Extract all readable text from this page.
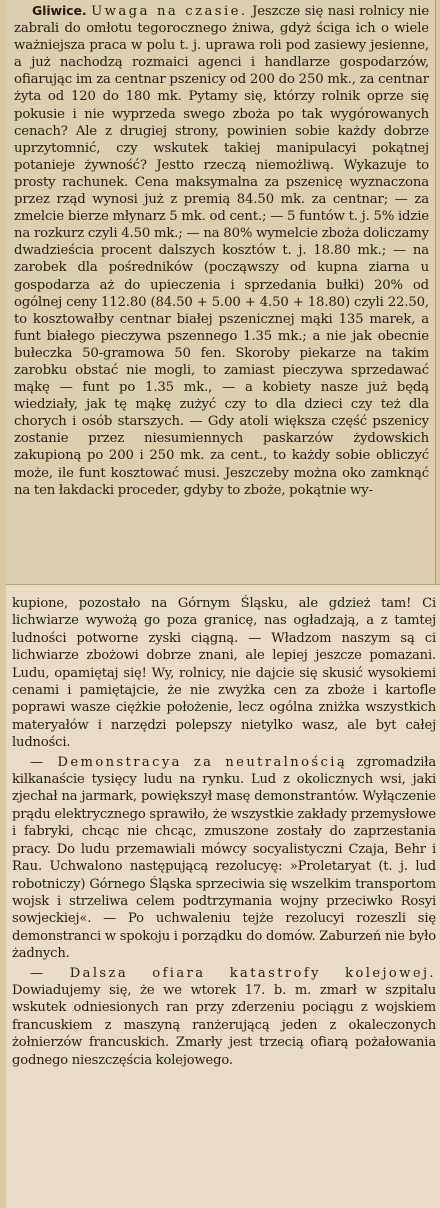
Gliwice. Uwaga na czasie. Jeszcze się nasi rolnicy nie zabrali do omłotu tegorocznego żniwa, gdyż ściga ich o wiele ważniejsza praca w polu t. j. uprawa roli pod zasiewy jesienne, a już nachodzą rozmaici agenci i handlarze gospodarzów, ofiarując im za centnar pszenicy od 200 do 250 mk., za centnar żyta od 120 do 180 mk. Pytamy się, którzy rolnik oprze się pokusie i nie wyprzeda swego zboża po tak wygórowanych cenach? Ale z drugiej strony, powinien sobie każdy dobrze uprzytomnić, czy wskutek takiej manipulacyi pokątnej potanieje żywność? Jestto rzeczą niemożliwą. Wykazuje to prosty rachunek. Cena maksymalna za pszenicę wyznaczona przez rząd wynosi już z premią 84.50 mk. za centnar; — za zmelcie bierze młynarz 5 mk. od cent.; — 5 funtów t. j. 5% idzie na rozkurz czyli 4.50 mk.; — na 80% wymelcie zboża doliczamy dwadzieścia procent dalszych kosztów t. j. 18.80 mk.; — na zarobek dla pośredników (począwszy od kupna ziarna u gospodarza aż do upieczenia i sprzedania bułki) 20% od ogólnej ceny 112.80 (84.50 + 5.00 + 4.50 + 18.80) czyli 22.50, to kosztowałby centnar białej pszenicznej mąki 135 marek, a funt białego pieczywa pszennego 1.35 mk.; a nie jak obecnie bułeczka 50-gramowa 50 fen. Skoroby piekarze na takim zarobku obstać nie mogli, to zamiast pieczywa sprzedawać mąkę — funt po 1.35 mk., — a kobiety nasze już będą wiedziały, jak tę mąkę zużyć czy to dla dzieci czy też dla chorych i osób starszych. — Gdy atoli większa część pszenicy zostanie przez niesumiennych paskarzów żydowskich zakupioną po 200 i 250 mk. za cent., to każdy sobie obliczyć może, ile funt kosztować musi. Jeszczeby można oko zamknąć na ten łakdacki proceder, gdyby to zboże, pokątnie wy-

kupione, pozostało na Górnym Śląsku, ale gdzież tam! Ci lichwiarze wywożą go poza granicę, nas ogładzają, a z tamtej ludności potworne zyski ciągną. — Władzom naszym są ci lichwiarze zbożowi dobrze znani, ale lepiej jeszcze pomazani. Ludu, opamiętaj się! Wy, rolnicy, nie dajcie się skusić wysokiemi cenami i pamiętajcie, że nie zwyżka cen za zboże i kartofle poprawi wasze ciężkie położenie, lecz ogólna zniżka wszystkich materyałów i narzędzi polepszy nietylko wasz, ale byt całej ludności.

— Demonstracya za neutralnością zgromadziła kilkanaście tysięcy ludu na rynku. Lud z okolicznych wsi, jaki zjechał na jarmark, powiększył masę demonstrantów. Wyłączenie prądu elektrycznego sprawiło, że wszystkie zakłady przemysłowe i fabryki, chcąc nie chcąc, zmuszone zostały do zaprzestania pracy. Do ludu przemawiali mówcy socyalistyczni Czaja, Behr i Rau. Uchwalono następującą rezolucyę: »Proletaryat (t. j. lud robotniczy) Górnego Śląska sprzeciwia się wszelkim transportom wojsk i strzeliwa celem podtrzymania wojny przeciwko Rosyi sowjeckiej«. — Po uchwaleniu tejże rezolucyi rozeszli się demonstranci w spokoju i porządku do domów. Zaburzeń nie było żadnych.

— Dalsza ofiara katastrofy kolejowej. Dowiadujemy się, że we wtorek 17. b. m. zmarł w szpitalu wskutek odniesionych ran przy zderzeniu pociągu z wojskiem francuskiem z maszyną ranżerującą jeden z okaleczonych żołnierzów francuskich. Zmarły jest trzecią ofiarą pożałowania godnego nieszczęścia kolejowego.
